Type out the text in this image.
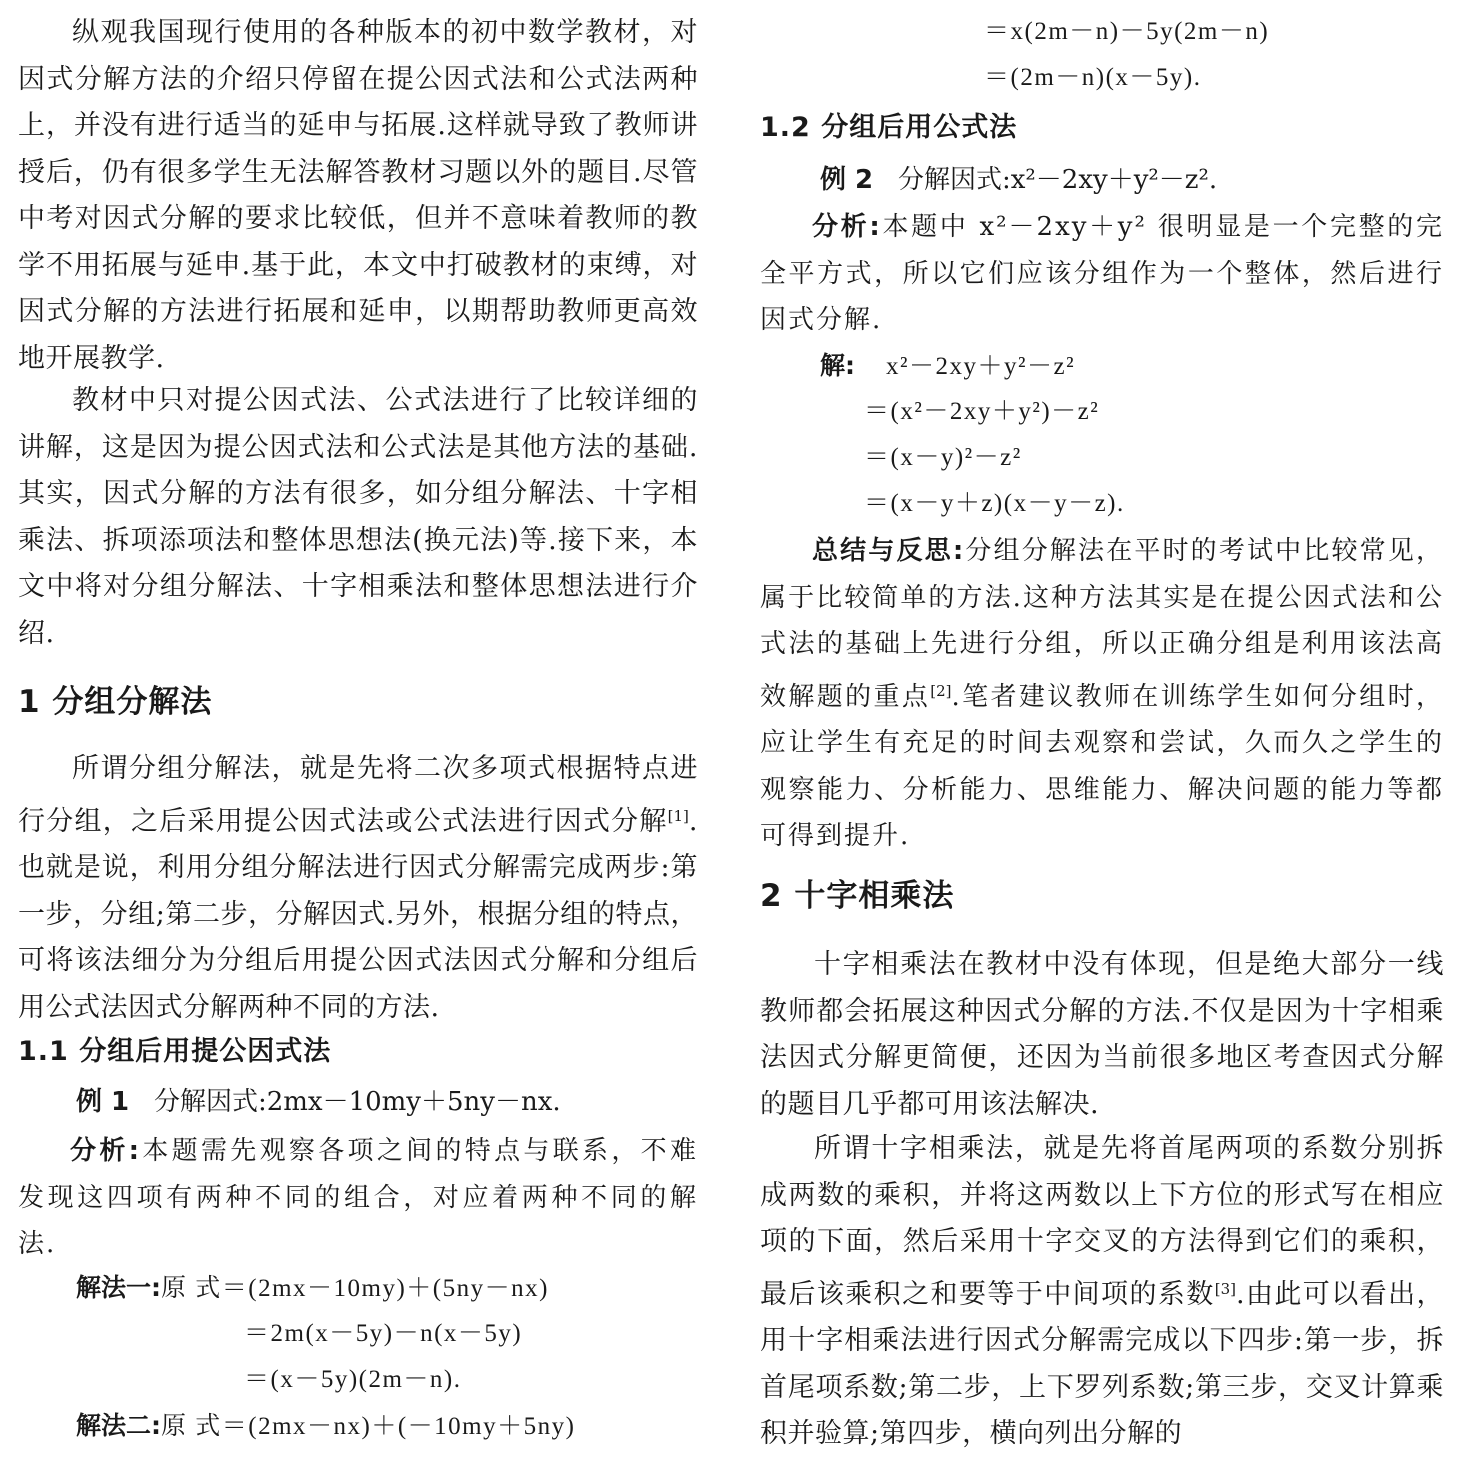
纵观我国现行使用的各种版本的初中数学教材，对因式分解方法的介绍只停留在提公因式法和公式法两种上，并没有进行适当的延申与拓展.这样就导致了教师讲授后，仍有很多学生无法解答教材习题以外的题目.尽管中考对因式分解的要求比较低，但并不意味着教师的教学不用拓展与延申.基于此，本文中打破教材的束缚，对因式分解的方法进行拓展和延申，以期帮助教师更高效地开展教学.

教材中只对提公因式法、公式法进行了比较详细的讲解，这是因为提公因式法和公式法是其他方法的基础.其实，因式分解的方法有很多，如分组分解法、十字相乘法、拆项添项法和整体思想法(换元法)等.接下来，本文中将对分组分解法、十字相乘法和整体思想法进行介绍.

1 分组分解法

所谓分组分解法，就是先将二次多项式根据特点进行分组，之后采用提公因式法或公式法进行因式分解[1].也就是说，利用分组分解法进行因式分解需完成两步:第一步，分组;第二步，分解因式.另外，根据分组的特点，可将该法细分为分组后用提公因式法因式分解和分组后用公式法因式分解两种不同的方法.

1.1 分组后用提公因式法
例 1 分解因式:2mx－10my＋5ny－nx.

分析:本题需先观察各项之间的特点与联系，不难发现这四项有两种不同的组合，对应着两种不同的解法.

解法一:原 式＝(2mx－10my)＋(5ny－nx)
＝2m(x－5y)－n(x－5y)
＝(x－5y)(2m－n).
解法二:原 式＝(2mx－nx)＋(－10my＋5ny)
＝x(2m－n)－5y(2m－n)
＝(2m－n)(x－5y).
1.2 分组后用公式法
例 2 分解因式:x²－2xy＋y²－z².

分析:本题中 x²－2xy＋y² 很明显是一个完整的完全平方式，所以它们应该分组作为一个整体，然后进行因式分解.

解: x²－2xy＋y²－z²
＝(x²－2xy＋y²)－z²
＝(x－y)²－z²
＝(x－y＋z)(x－y－z).

总结与反思:分组分解法在平时的考试中比较常见，属于比较简单的方法.这种方法其实是在提公因式法和公式法的基础上先进行分组，所以正确分组是利用该法高效解题的重点[2].笔者建议教师在训练学生如何分组时，应让学生有充足的时间去观察和尝试，久而久之学生的观察能力、分析能力、思维能力、解决问题的能力等都可得到提升.

2 十字相乘法

十字相乘法在教材中没有体现，但是绝大部分一线教师都会拓展这种因式分解的方法.不仅是因为十字相乘法因式分解更简便，还因为当前很多地区考查因式分解的题目几乎都可用该法解决.

所谓十字相乘法，就是先将首尾两项的系数分别拆成两数的乘积，并将这两数以上下方位的形式写在相应项的下面，然后采用十字交叉的方法得到它们的乘积，最后该乘积之和要等于中间项的系数[3].由此可以看出，用十字相乘法进行因式分解需完成以下四步:第一步，拆首尾项系数;第二步，上下罗列系数;第三步，交叉计算乘积并验算;第四步，横向列出分解的
